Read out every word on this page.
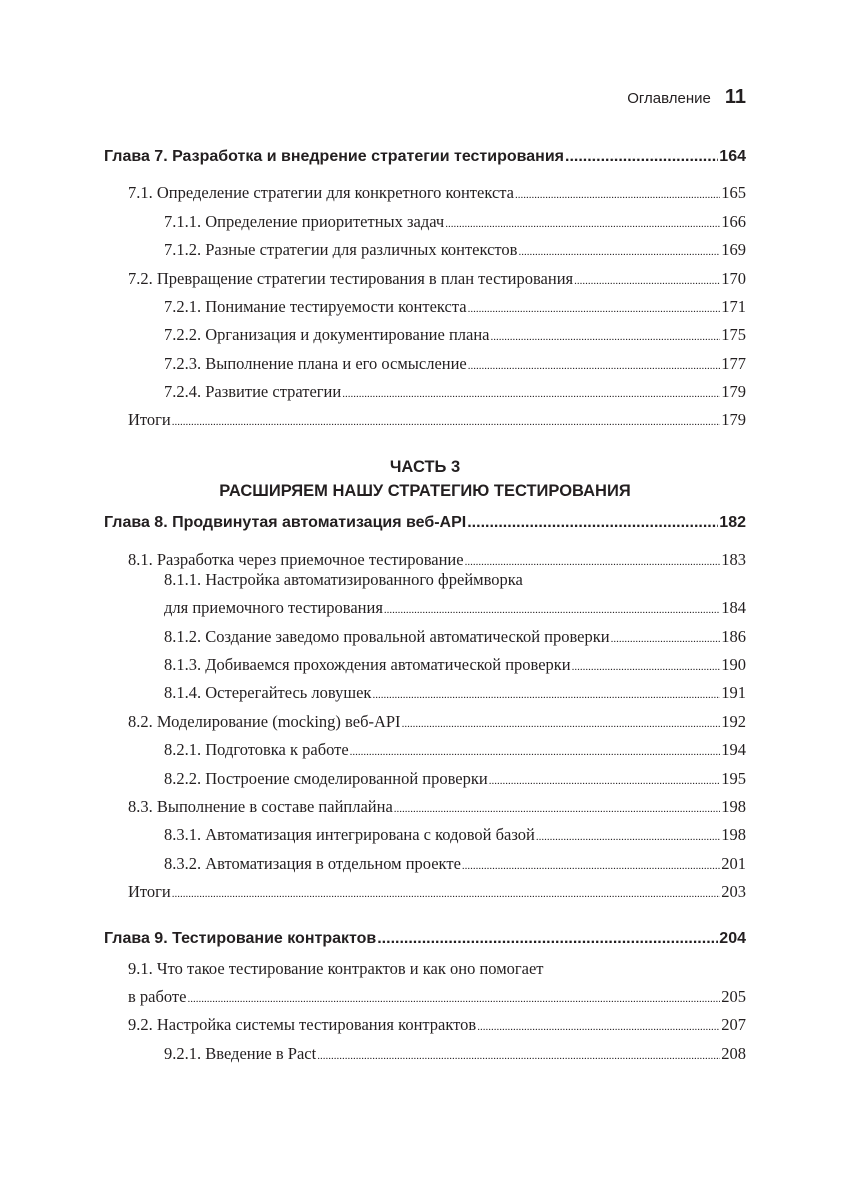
Оглавление 11
Глава 7. Разработка и внедрение стратегии тестирования .....	164
7.1. Определение стратегии для конкретного контекста .....	165
7.1.1. Определение приоритетных задач .....	166
7.1.2. Разные стратегии для различных контекстов .....	169
7.2. Превращение стратегии тестирования в план тестирования .....	170
7.2.1. Понимание тестируемости контекста .....	171
7.2.2. Организация и документирование плана .....	175
7.2.3. Выполнение плана и его осмысление .....	177
7.2.4. Развитие стратегии .....	179
Итоги .....	179
Глава 8. Продвинутая автоматизация веб-API .....	182
8.1. Разработка через приемочное тестирование .....	183
8.1.1. Настройка автоматизированного фреймворка
для приемочного тестирования .....	184
8.1.2. Создание заведомо провальной автоматической проверки .....	186
8.1.3. Добиваемся прохождения автоматической проверки .....	190
8.1.4. Остерегайтесь ловушек .....	191
8.2. Моделирование (mocking) веб-API .....	192
8.2.1. Подготовка к работе .....	194
8.2.2. Построение смоделированной проверки .....	195
8.3. Выполнение в составе пайплайна .....	198
8.3.1. Автоматизация интегрирована с кодовой базой .....	198
8.3.2. Автоматизация в отдельном проекте .....	201
Итоги .....	203
Глава 9. Тестирование контрактов .....	204
9.1. Что такое тестирование контрактов и как оно помогает
в работе .....	205
9.2. Настройка системы тестирования контрактов .....	207
9.2.1. Введение в Pact .....	208
ЧАСТЬ 3
РАСШИРЯЕМ НАШУ СТРАТЕГИЮ ТЕСТИРОВАНИЯ
